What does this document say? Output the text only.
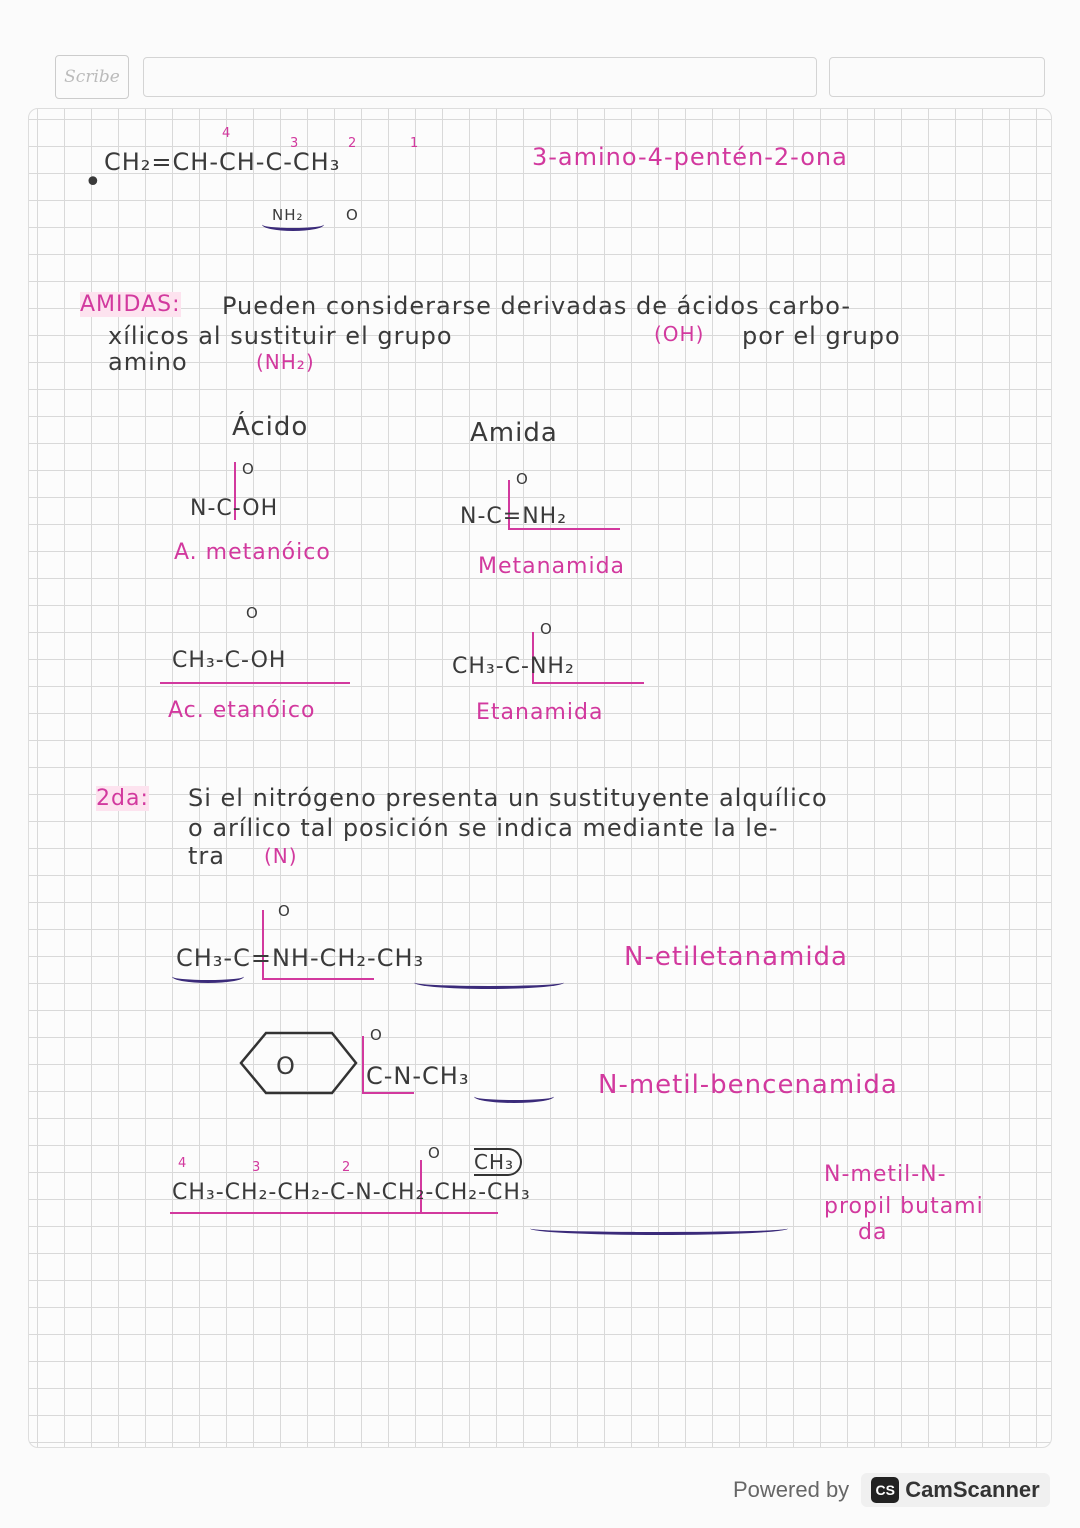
Scribe
•
4
3	2	1
CH₂=CH-CH-C-CH₃
NH₂	O
3-amino-4-pentén-2-ona
AMIDAS: Pueden considerarse derivadas de ácidos carbo-
xílicos al sustituir el grupo	(OH) por el grupo
amino	(NH₂)
Ácido	Amida
O
N-C-OH
A. metanóico
O
N-C=NH₂
Metanamida
O
CH₃-C-OH
Ac. etanóico
O
CH₃-C-NH₂
Etanamida
2da: Si el nitrógeno presenta un sustituyente alquílico
o arílico tal posición se indica mediante la le-
tra (N)
O
CH₃-C=NH-CH₂-CH₃	N-etiletanamida
O
O
C-N-CH₃	N-metil-bencenamida
4	3	2
O CH₃
CH₃-CH₂-CH₂-C-N-CH₂-CH₂-CH₃
N-metil-N-
propil butami
da
Powered by	CS CamScanner
